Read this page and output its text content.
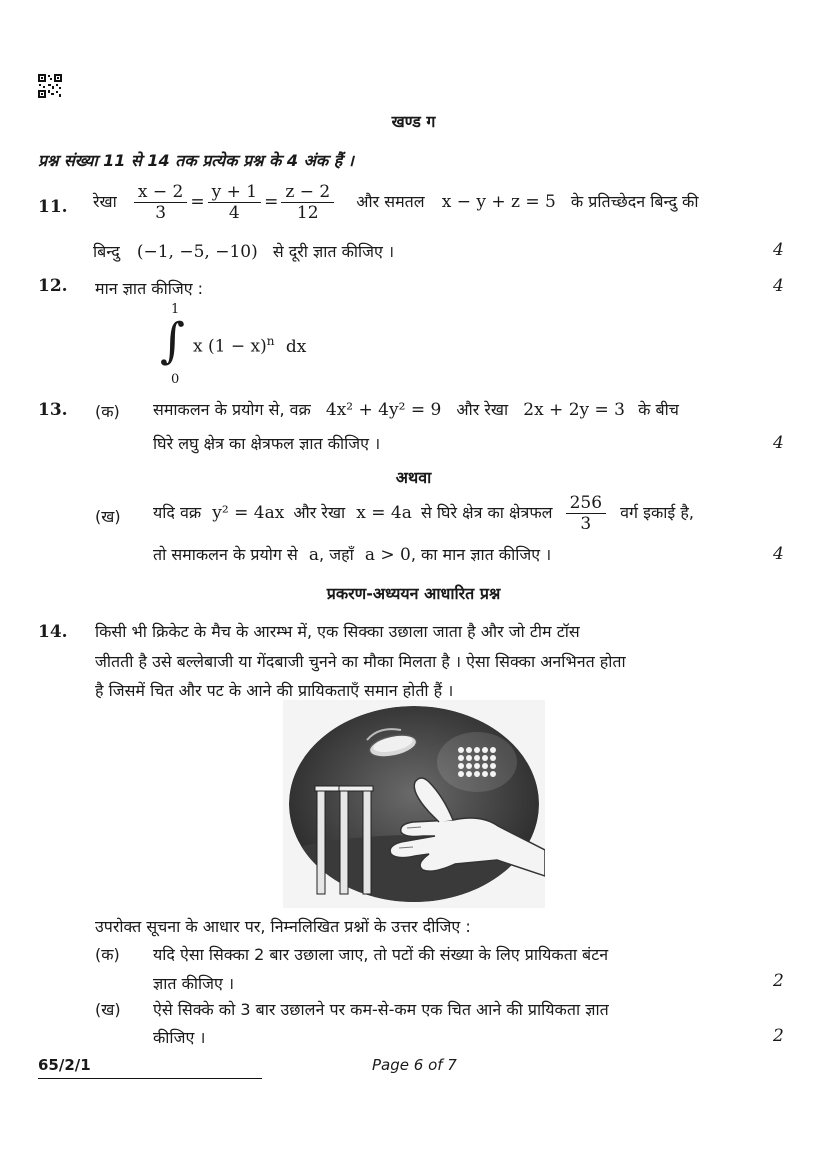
खण्ड ग
प्रश्न संख्या 11 से 14 तक प्रत्येक प्रश्न के 4 अंक हैं ।
11. रेखा $\frac{x - 2}{3} = \frac{y + 1}{4} = \frac{z - 2}{12}$ और समतल x − y + z = 5 के प्रतिच्छेदन बिन्दु की
बिन्दु (−1, −5, −10) से दूरी ज्ञात कीजिए ।	4
12. मान ज्ञात कीजिए :	4
1
∫
0
x $(1 - x)^n$ dx
13. (क) समाकलन के प्रयोग से, वक्र 4x² + 4y² = 9 और रेखा 2x + 2y = 3 के बीच
घिरे लघु क्षेत्र का क्षेत्रफल ज्ञात कीजिए ।	4
अथवा
(ख) यदि वक्र y² = 4ax और रेखा x = 4a से घिरे क्षेत्र का क्षेत्रफल $\frac{256}{3}$ वर्ग इकाई है,
तो समाकलन के प्रयोग से a, जहाँ a > 0, का मान ज्ञात कीजिए ।	4
प्रकरण-अध्ययन आधारित प्रश्न
14. किसी भी क्रिकेट के मैच के आरम्भ में, एक सिक्का उछाला जाता है और जो टीम टॉस
जीतती है उसे बल्लेबाजी या गेंदबाजी चुनने का मौका मिलता है । ऐसा सिक्का अनभिनत होता
है जिसमें चित और पट के आने की प्रायिकताएँ समान होती हैं ।
उपरोक्त सूचना के आधार पर, निम्नलिखित प्रश्नों के उत्तर दीजिए :
(क) यदि ऐसा सिक्का 2 बार उछाला जाए, तो पटों की संख्या के लिए प्रायिकता बंटन
ज्ञात कीजिए ।	2
(ख) ऐसे सिक्के को 3 बार उछालने पर कम-से-कम एक चित आने की प्रायिकता ज्ञात
कीजिए ।	2
65/2/1	Page 6 of 7
